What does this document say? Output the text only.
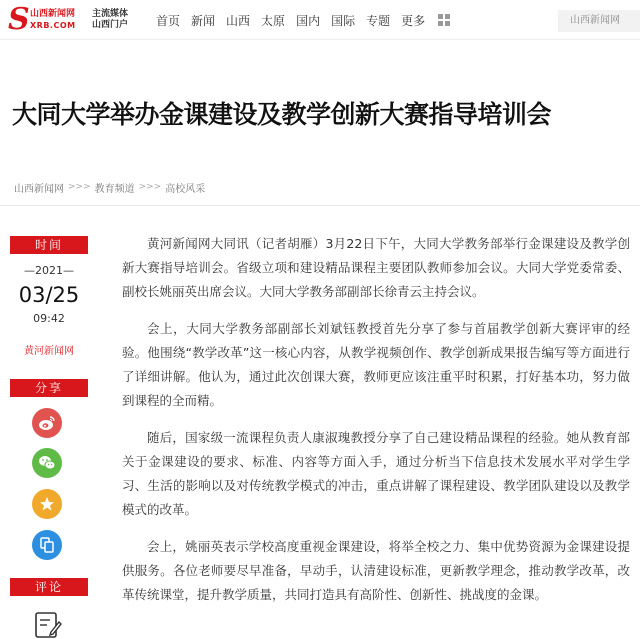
S 山西新闻网
XRB.COM
主流媒体
山西门户	首页 新闻 山西 太原 国内 国际 专题 更多	山西新闻网
大同大学举办金课建设及教学创新大赛指导培训会
山西新闻网 >>> 教育频道 >>> 高校风采
时间
—2021—
03/25
09:42
黄河新闻网
分享
评论

黄河新闻网大同讯（记者胡雁）3月22日下午，大同大学教务部举行金课建设及教学创新大赛指导培训会。省级立项和建设精品课程主要团队教师参加会议。大同大学党委常委、副校长姚丽英出席会议。大同大学教务部副部长徐青云主持会议。

会上，大同大学教务部副部长刘斌钰教授首先分享了参与首届教学创新大赛评审的经验。他围绕“教学改革”这一核心内容，从教学视频创作、教学创新成果报告编写等方面进行了详细讲解。他认为，通过此次创课大赛，教师更应该注重平时积累，打好基本功，努力做到课程的全而精。

随后，国家级一流课程负责人康淑瑰教授分享了自己建设精品课程的经验。她从教育部关于金课建设的要求、标准、内容等方面入手，通过分析当下信息技术发展水平对学生学习、生活的影响以及对传统教学模式的冲击，重点讲解了课程建设、教学团队建设以及教学模式的改革。

会上，姚丽英表示学校高度重视金课建设，将举全校之力、集中优势资源为金课建设提供服务。各位老师要尽早准备，早动手，认清建设标准，更新教学理念，推动教学改革，改革传统课堂，提升教学质量，共同打造具有高阶性、创新性、挑战度的金课。
